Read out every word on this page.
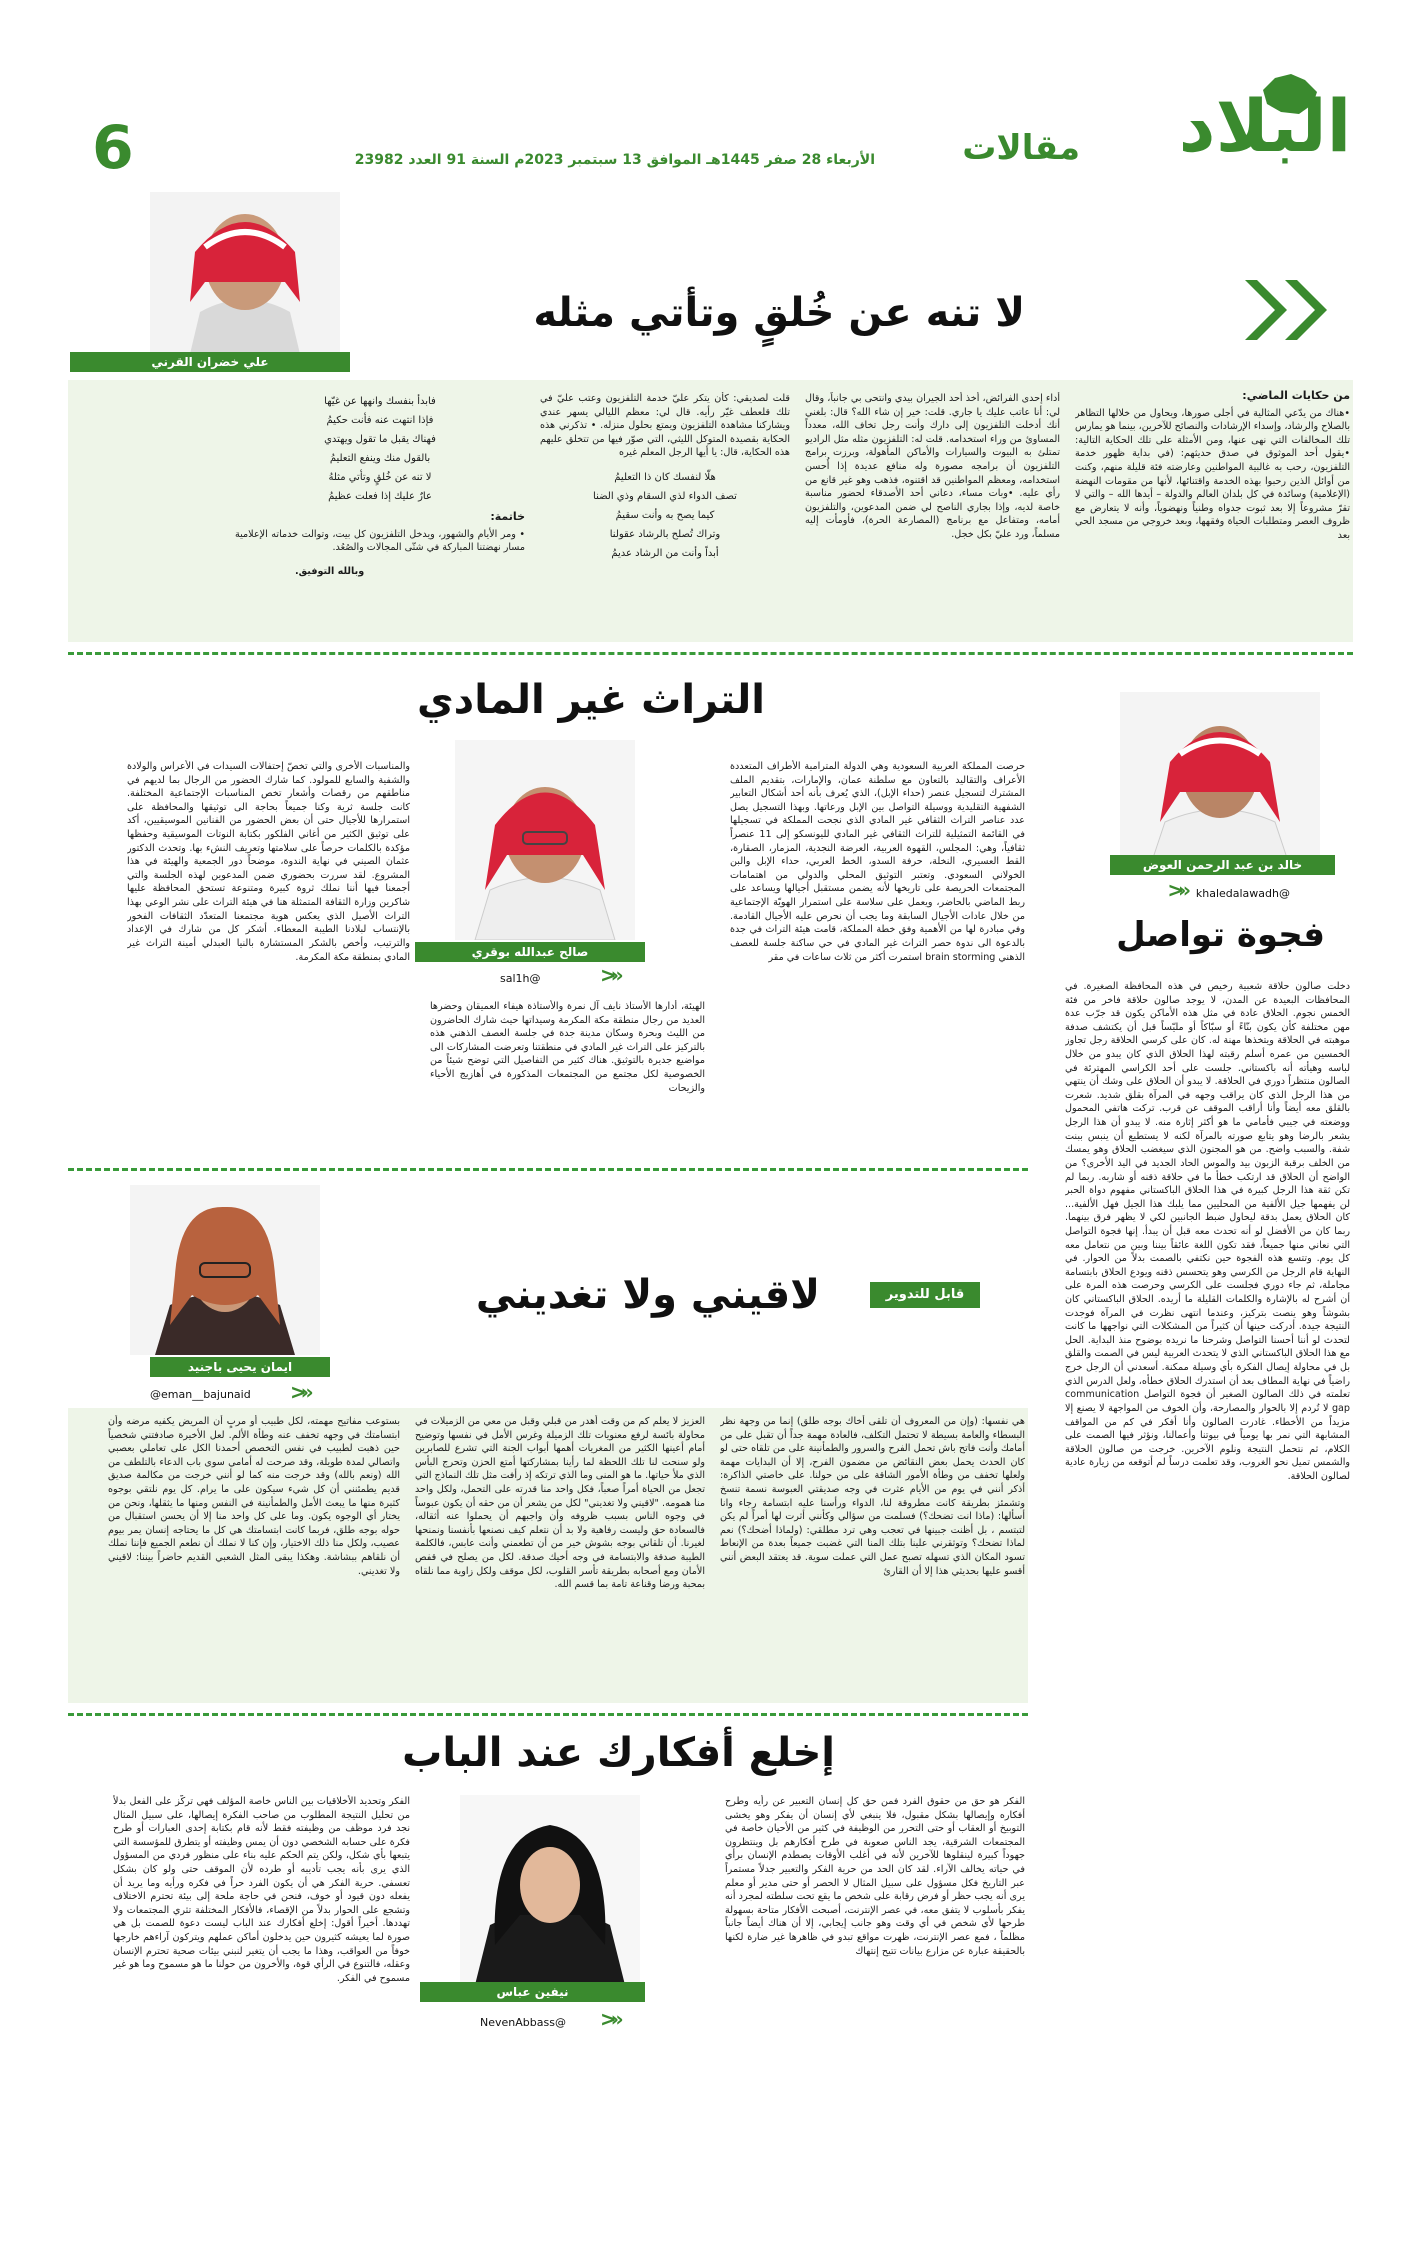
البلاد
مقالات
الأربعاء 28 صفر 1445هـ الموافق 13 سبتمبر 2023م السنة 91 العدد 23982
6
لا تنه عن خُلقٍ وتأتي مثله
علي خضران القرني
من حكايات الماضي:

•هناك من يدّعي المثالية في أجلى صورها، ويحاول من خلالها التظاهر بالصلاح والرشاد، وإسداء الإرشادات والنصائح للآخرين، بينما هو يمارس تلك المخالفات التي نهى عنها، ومن الأمثلة على تلك الحكاية التالية: •يقول أحد الموثوق في صدق حديثهم: (في بداية ظهور خدمة التلفزيون، رحب به غالبية المواطنين وعارضته فئة قليلة منهم، وكنت من أوائل الذين رحبوا بهذه الخدمة واقتنائها، لأنها من مقومات النهضة (الإعلامية) وسائدة في كل بلدان العالم والدولة – أيدها الله – والتي لا تقرّ مشروعاً إلا بعد ثبوت جدواه وطنياً ونهضوياً، وأنه لا يتعارض مع ظروف العصر ومتطلبات الحياة وفقهها، وبعد خروجي من مسجد الحي بعد

أداء إحدى الفرائض، أخذ أحد الجيران بيدي وانتحى بي جانباً، وقال لي: أنا عاتب عليك يا جاري. قلت: خير إن شاء الله؟ قال: بلغني أنك أدخلت التلفزيون إلى دارك وأنت رجل تخاف الله، معدداً المساوئ من وراء استخدامه. قلت له: التلفزيون مثله مثل الراديو تمتلئ به البيوت والسيارات والأماكن المأهولة، وبرزت برامج التلفزيون أن برامجه مصورة وله منافع عديدة إذا أُحسن استخدامه، ومعظم المواطنين قد اقتنوه، فذهب وهو غير قانع من رأي عليه. •وبات مساء، دعاني أحد الأصدقاء لحضور مناسبة خاصة لديه، وإذا بجاري الناصح لي ضمن المدعوين، والتلفزيون أمامه، ومتفاعل مع برنامج (المصارعة الحرة)، فأومأت إليه مسلماً، ورد عليّ بكل خجل.

قلت لصديقي: كأن يتكر عليّ خدمة التلفزيون وعتب عليّ في تلك قلعطف غيّر رأيه. قال لي: معظم الليالي يسهر عندي ويشاركنا مشاهدة التلفزيون ويمتع بحلول منزله. • تذكرني هذه الحكاية بقصيدة المتوكل الليثي، التي صوّر فيها من تتخلق عليهم هذه الحكاية، قال: يا أيها الرجل المعلم غيره

هلّا لنفسك كان ذا التعليمُ
تصف الدواء لذي السقام وذي الضنا
كيما يصح به وأنت سقيمُ
وتراك تُصلح بالرشاد عقولنا
أبداً وأنت من الرشاد عديمُ
فابدأ بنفسك وانهها عن غيّها
فإذا انتهت عنه فأنت حكيمُ
فهناك يقبل ما تقول ويهتدي
بالقول منك وينفع التعليمُ
لا تنه عن خُلقٍ وتأتي مثلهُ
عارٌ عليك إذا فعلت عظيمُ
خاتمة:

• ومر الأيام والشهور، ويدخل التلفزيون كل بيت، وتوالت خدماته الإعلامية مسار نهضتنا المباركة في شتّى المجالات والصُعُد.

وبالله التوفيق.

خالد بن عبد الرحمن العوض
@khaledalawadh
«<
فجوة تواصل

دخلت صالون حلاقة شعبية رخيص في هذه المحافظة الصغيرة. في المحافظات البعيدة عن المدن، لا يوجد صالون حلاقة فاخر من فئة الخمس نجوم. الحلاق عادة في مثل هذه الأماكن يكون قد جرّب عدة مهن مختلفة كأن يكون بنّاءً أو سبّاكاً أو مليّساً قبل أن يكتشف صدفة موهبته في الحلاقة ويتخذها مهنة له. كان على كرسي الحلاقة رجل تجاوز الخمسين من عمره أسلم رقبته لهذا الحلاق الذي كان يبدو من خلال لباسه وهيأته أنه باكستاني. جلست على أحد الكراسي المهترئة في الصالون منتظراً دوري في الحلاقة. لا يبدو أن الحلاق على وشك أن ينتهي من هذا الرجل الذي كان يراقب وجهه في المرآة بقلق شديد. شعرت بالقلق معه أيضاً وأنا أراقب الموقف عن قرب. تركت هاتفي المحمول ووضعته في جيبي فأمامي ما هو أكثر إثارة منه. لا يبدو أن هذا الرجل يشعر بالرضا وهو يتابع صورته بالمرآة لكنه لا يستطيع أن ينبس ببنت شفة. والسبب واضح. من هو المجنون الذي سيغضب الحلاق وهو يمسك من الخلف برقبة الزبون بيد والموس الحاد الجديد في اليد الأخرى؟ من الواضح أن الحلاق قد ارتكب خطأ ما في حلاقة ذقنه أو شاربه. ربما لم تكن ثقة هذا الرجل كبيرة في هذا الحلاق الباكستاني مفهوم دواة الحبر لن يفهمها جيل الألفية من المحليين مما يلبك هذا الجيل فهل الألفية... كان الحلاق يعمل بدقة ليحاول ضبط الجانبين لكي لا يظهر فرق بينهما. ربما كان من الأفضل لو أنه تحدث معه قبل أن يبدأ. إنها فجوة التواصل التي نعاني منها جميعاً، فقد تكون اللغة عائقاً بيننا وبين من نتعامل معه كل يوم. وتتسع هذه الفجوة حين نكتفي بالصمت بدلاً من الحوار. في النهاية قام الرجل من الكرسي وهو يتحسس ذقنه ويودع الحلاق بابتسامة مجاملة، ثم جاء دوري فجلست على الكرسي وحرصت هذه المرة على أن أشرح له بالإشارة والكلمات القليلة ما أريده. الحلاق الباكستاني كان بشوشاً وهو ينصت بتركيز، وعندما انتهى نظرت في المرآة فوجدت النتيجة جيدة. أدركت حينها أن كثيراً من المشكلات التي نواجهها ما كانت لتحدث لو أننا أحسنا التواصل وشرحنا ما نريده بوضوح منذ البداية. الحل مع هذا الحلاق الباكستاني الذي لا يتحدث العربية ليس في الصمت والقلق بل في محاولة إيصال الفكرة بأي وسيلة ممكنة. أسعدني أن الرجل خرج راضياً في نهاية المطاف بعد أن استدرك الحلاق خطأه، ولعل الدرس الذي تعلمته في ذلك الصالون الصغير أن فجوة التواصل communication gap لا تُردم إلا بالحوار والمصارحة، وأن الخوف من المواجهة لا يصنع إلا مزيداً من الأخطاء. غادرت الصالون وأنا أفكر في كم من المواقف المشابهة التي نمر بها يومياً في بيوتنا وأعمالنا، ونؤثر فيها الصمت على الكلام، ثم نتحمل النتيجة ونلوم الآخرين. خرجت من صالون الحلاقة والشمس تميل نحو الغروب، وقد تعلمت درساً لم أتوقعه من زيارة عادية لصالون الحلاقة.

التراث غير المادي
صالح عبدالله بوقري
@sal1h	«<

حرصت المملكة العربية السعودية وهي الدولة المترامية الأطراف المتعددة الأعراف والتقاليد بالتعاون مع سلطنة عمان، والإمارات، بتقديم الملف المشترك لتسجيل عنصر (حداء الإبل)، الذي يُعرف بأنه أحد أشكال التعابير الشفهية التقليدية ووسيلة التواصل بين الإبل ورعاتها. وبهذا التسجيل يصل عدد عناصر التراث الثقافي غير المادي الذي نجحت المملكة في تسجيلها في القائمة التمثيلية للتراث الثقافي غير المادي لليونسكو إلى 11 عنصراً ثقافياً، وهي: المجلس، القهوة العربية، العرضة النجدية، المزمار، الصقارة، القط العسيري، النخلة، حرفة السدو، الخط العربي، حداء الإبل والبن الخولاني السعودي. وتعتبر التوثيق المحلي والدولي من اهتمامات المجتمعات الحريصة على تاريخها لأنه يضمن مستقبل أجيالها ويساعد على ربط الماضي بالحاضر، ويعمل على سلاسة على استمرار الهويّة الإجتماعية من خلال عادات الأجيال السابقة وما يجب أن نحرص عليه الأجيال القادمة. وفي مبادرة لها من الأهمية وفق خطة المملكة، قامت هيئة التراث في جدة بالدعوة الى ندوة حصر التراث غير المادي في حي ساكنة جلسة للعصف الذهني brain storming استمرت أكثر من ثلاث ساعات في مقر

الهيئة، أدارها الأستاذ نايف آل نمرة والأستاذة هيفاء العميقان وحضرها العديد من رجال منطقة مكة المكرمة وسيداتها حيث شارك الحاضرون من الليث وبحرة وسكان مدينة جدة في جلسة العصف الذهني هذه بالتركيز على التراث غير المادي في منطقتنا وتعرضت المشاركات الى مواضيع جديرة بالتوثيق. هناك كثير من التفاصيل التي توضح شيئاً من الخصوصية لكل مجتمع من المجتمعات المذكورة في أهازيج الأحياء والزيحات

والمناسبات الأخرى والتي تخصّ إحتفالات السيدات في الأعراس والولادة والشفية والسابع للمولود. كما شارك الحضور من الرجال بما لديهم في مناطقهم من رقصات وأشعار تخص المناسبات الإجتماعية المختلفة. كانت جلسة ثرية وكنا جميعاً بحاجة الى توثيقها والمحافظة على استمرارها للأجيال حتى أن بعض الحضور من الفنانين الموسيقيين، أكد على توثيق الكثير من أغاني الفلكور بكتابة النوتات الموسيقية وحفظها مؤكدة بالكلمات حرصاً على سلامتها وتعريف النشء بها. وتحدث الدكتور عثمان الصيني في نهاية الندوة، موضحاً دور الجمعية والهيئة في هذا المشروع. لقد سررت بحضوري ضمن المدعوين لهذه الجلسة والتي أجمعنا فيها أننا نملك ثروة كبيرة ومتنوعة تستحق المحافظة عليها شاكرين وزارة الثقافة المتمثلة هنا في هيئة التراث على نشر الوعي بهذا التراث الأصيل الذي يعكس هوية مجتمعنا المتعدّد الثقافات الفخور بالإنتساب لبلادنا الطيبة المعطاء. أشكر كل من شارك في الإعداد والترتيب، وأخص بالشكر المستشارة بالنيا العبدلي أمينة التراث غير المادي بمنطقة مكة المكرمة.

قابل للتدوير
لاقيني ولا تغديني
ايمان يحيى باجنيد
eman__bajunaid@ «<

هي نفسها: (وإن من المعروف أن تلقى أخاك بوجه طلق) إنما من وجهة نظر البسطاء والعامة بسيطة لا تحتمل التكلف، فالعادة مهمة جداً أن تقبل على من أمامك وأنت فاتح باش تحمل الفرح والسرور والطمأنينة على من تلقاه حتى لو كان الحدث يحمل بعض النقائض من مضمون الفرح، إلا أن البدايات مهمة ولعلها تخفف من وطأة الأمور الشاقة على من حولنا. على خاصتي الذاكرة: أذكر أنني في يوم من الأيام عثرت في وجه صديقتي العبوسة نسمة تنسخ وتشمئز بطريقة كانت مطروقة لنا، الدواء ورأسنا عليه ابتسامة رجاء وانا أسألها: (ماذا انت تضحك؟) فسلمت من سؤالي وكأنني أثرت لها أمراً لم يكن لتبتسم ، بل أظنت جبينها في تعجب وهي ترد مطلقي: (ولماذا أضحك؟) نعم لماذا تضحك؟ وتوثقرني علينا بتلك المنا التي غضبت جميعاً بعدة من الإنعاط تسود المكان الذي تسهله تصبح عمل التي عملت سوية. قد يعتقد البعض أنني أقسو عليها بحديثي هذا إلا أن القارئ

العزيز لا يعلم كم من وقت أهدر من قبلي وقبل من معي من الزميلات في محاولة بائسة لرفع معنويات تلك الزميلة وغرس الأمل في نفسها وتوضيح أمام أعينها الكثير من المغريات أهمها أبواب الجنة التي تشرع للصابرين ولو سنحت لنا تلك اللحظة لما رأينا بمشاركتها أمتع الحزن وتحرج البأس الذي ملأ حياتها. ما هو المنى وما الذي ترتكه إذ رأفت مثل تلك النماذج التي تجعل من الحياة أمراً صعباً، فكل واحد منا قدرته على التحمل، ولكل واحد منا همومه. "لاقيني ولا تغديني" لكل من يشعر أن من حقه أن يكون عبوساً في وجوه الناس بسبب ظروفه وأن واجبهم أن يحملوا عنه أثقاله، فالسعادة حق وليست رفاهية ولا بد أن نتعلم كيف نصنعها بأنفسنا ونمنحها لغيرنا. أن تلقاني بوجه بشوش خير من أن تطعمني وأنت عابس، فالكلمة الطيبة صدقة والابتسامة في وجه أخيك صدقة. لكل من يصلح في قفص الأمان ومع أصحابه بطريقة تأسر القلوب، لكل موقف ولكل زاوية مما نلقاه بمحبة ورضا وقناعة تامة بما قسم الله.

بستوعب مفاتيح مهمته، لكل طبيب أو مربٍ أن المريض يكفيه مرضه وأن ابتسامتك في وجهه تخفف عنه وطأة الألم. لعل الأخيرة صادفتني شخصياً حين ذهبت لطبيب في نفس التخصص أحمدنا الكل على تعاملي بعصبي واتصالي لمدة طويلة، وقد صرحت له أمامي سوى باب الدعاء بالتلطف من الله (ونعم بالله) وقد خرجت منه كما لو أنني خرجت من مكالمة صديق قديم يطمئنني أن كل شيء سيكون على ما يرام. كل يوم نلتقي بوجوه كثيرة منها ما يبعث الأمل والطمأنينة في النفس ومنها ما يثقلها، ونحن من يختار أي الوجوه يكون. وما على كل واحد منا إلا أن يحسن استقبال من حوله بوجه طلق، فربما كانت ابتسامتك هي كل ما يحتاجه إنسان يمر بيوم عصيب، ولكل منا ذلك الاختيار، وإن كنا لا نملك أن نطعم الجميع فإننا نملك أن نلقاهم ببشاشة. وهكذا يبقى المثل الشعبي القديم حاضراً بيننا: لاقيني ولا تغديني.

إخلع أفكارك عند الباب
نيفين عباس
@NevenAbbass «<

الفكر هو حق من حقوق الفرد فمن حق كل إنسان التعبير عن رأيه وطرح أفكاره وإيصالها بشكل مقبول، فلا ينبغي لأي إنسان أن يفكر وهو يخشى التوبيخ أو العقاب أو حتى التحرر من الوظيفة في كثير من الأحيان خاصة في المجتمعات الشرقية، يجد الناس صعوبة في طرح أفكارهم بل وينتظرون جهوداً كبيرة لينقلوها للآخرين لأنه في أغلب الأوقات يصطدم الإنسان برأي في حياته يخالف الآراء. لقد كان الحد من حرية الفكر والتعبير جدلاً مستمراً عبر التاريخ فكل مسؤول على سبيل المثال لا الحصر أو حتى مدير أو معلم يرى أنه يجب حظر أو فرض رقابة على شخص ما يقع تحت سلطته لمجرد أنه يفكر بأسلوب لا يتفق معه، في عصر الإنترنت، أصبحت الأفكار متاحة بسهولة طرحها لأي شخص في أي وقت وهو جانب إيجابي، إلا أن هناك أيضاً جانباً مظلماً ، فمع عصر الإنترنت، ظهرت مواقع تبدو في ظاهرها غير ضارة لكنها بالحقيقة عبارة عن مزارع بيانات تتيح إنتهاك

الفكر وتحديد الأخلاقيات بين الناس خاصة المؤلف فهي تركّز على الفعل بدلاً من تحليل النتيجة المطلوب من صاحب الفكرة إيصالها، على سبيل المثال نجد فرد موظف من وظيفته فقط لأنه قام بكتابة إحدى العبارات أو طرح فكرة على حسابه الشخصي دون أن يمس وظيفته أو يتطرق للمؤسسة التي يتبعها بأي شكل، ولكن يتم الحكم عليه بناء على منظور فردي من المسؤول الذي يرى بأنه يجب تأديبه أو طرده لأن الموقف حتى ولو كان بشكل تعسفي. حرية الفكر هي أن يكون الفرد حراً في فكره ورأيه وما يريد أن يفعله دون قيود أو خوف، فنحن في حاجة ملحة إلى بيئة تحترم الاختلاف وتشجع على الحوار بدلاً من الإقصاء، فالأفكار المختلفة تثري المجتمعات ولا تهددها. أخيراً أقول: إخلع أفكارك عند الباب ليست دعوة للصمت بل هي صورة لما يعيشه كثيرون حين يدخلون أماكن عملهم ويتركون آراءهم خارجها خوفاً من العواقب، وهذا ما يجب أن يتغير لنبني بيئات صحية تحترم الإنسان وعقله، فالتنوع في الرأي قوة، والأخرون من حولنا ما هو مسموح وما هو غير مسموح في الفكر.
